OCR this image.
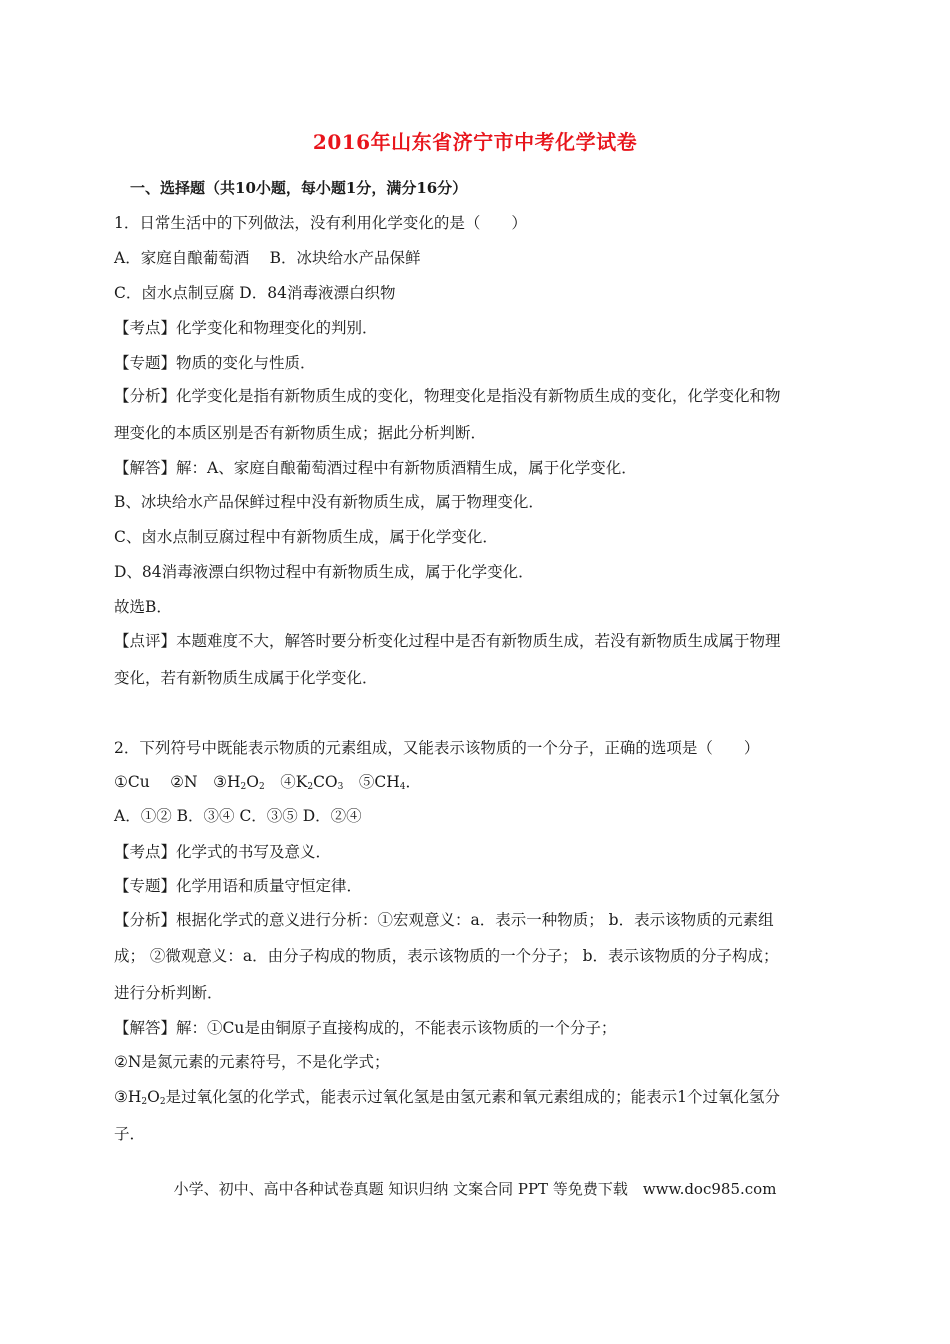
2016年山东省济宁市中考化学试卷
一、选择题（共10小题，每小题1分，满分16分）
1．日常生活中的下列做法，没有利用化学变化的是（　　）
A．家庭自酿葡萄酒　 B．冰块给水产品保鲜
C．卤水点制豆腐 D．84消毒液漂白织物
【考点】化学变化和物理变化的判别．
【专题】物质的变化与性质．
【分析】化学变化是指有新物质生成的变化，物理变化是指没有新物质生成的变化，化学变化和物
理变化的本质区别是否有新物质生成；据此分析判断．
【解答】解：A、家庭自酿葡萄酒过程中有新物质酒精生成，属于化学变化．
B、冰块给水产品保鲜过程中没有新物质生成，属于物理变化．
C、卤水点制豆腐过程中有新物质生成，属于化学变化．
D、84消毒液漂白织物过程中有新物质生成，属于化学变化．
故选B．
【点评】本题难度不大，解答时要分析变化过程中是否有新物质生成，若没有新物质生成属于物理
变化，若有新物质生成属于化学变化．
2．下列符号中既能表示物质的元素组成，又能表示该物质的一个分子，正确的选项是（　　）
①Cu　 ②N　$③H_2O_2$　$④K_2CO_3$　$⑤CH_4$．
A．①② B．③④ C．③⑤ D．②④
【考点】化学式的书写及意义．
【专题】化学用语和质量守恒定律．
【分析】根据化学式的意义进行分析：①宏观意义：a．表示一种物质； b．表示该物质的元素组
成； ②微观意义：a．由分子构成的物质，表示该物质的一个分子； b．表示该物质的分子构成；
进行分析判断．
【解答】解：①Cu是由铜原子直接构成的，不能表示该物质的一个分子；
②N是氮元素的元素符号，不是化学式；
$③H_2O_2$是过氧化氢的化学式，能表示过氧化氢是由氢元素和氧元素组成的；能表示1个过氧化氢分
子．
小学、初中、高中各种试卷真题 知识归纳 文案合同 PPT 等免费下载　www.doc985.com
